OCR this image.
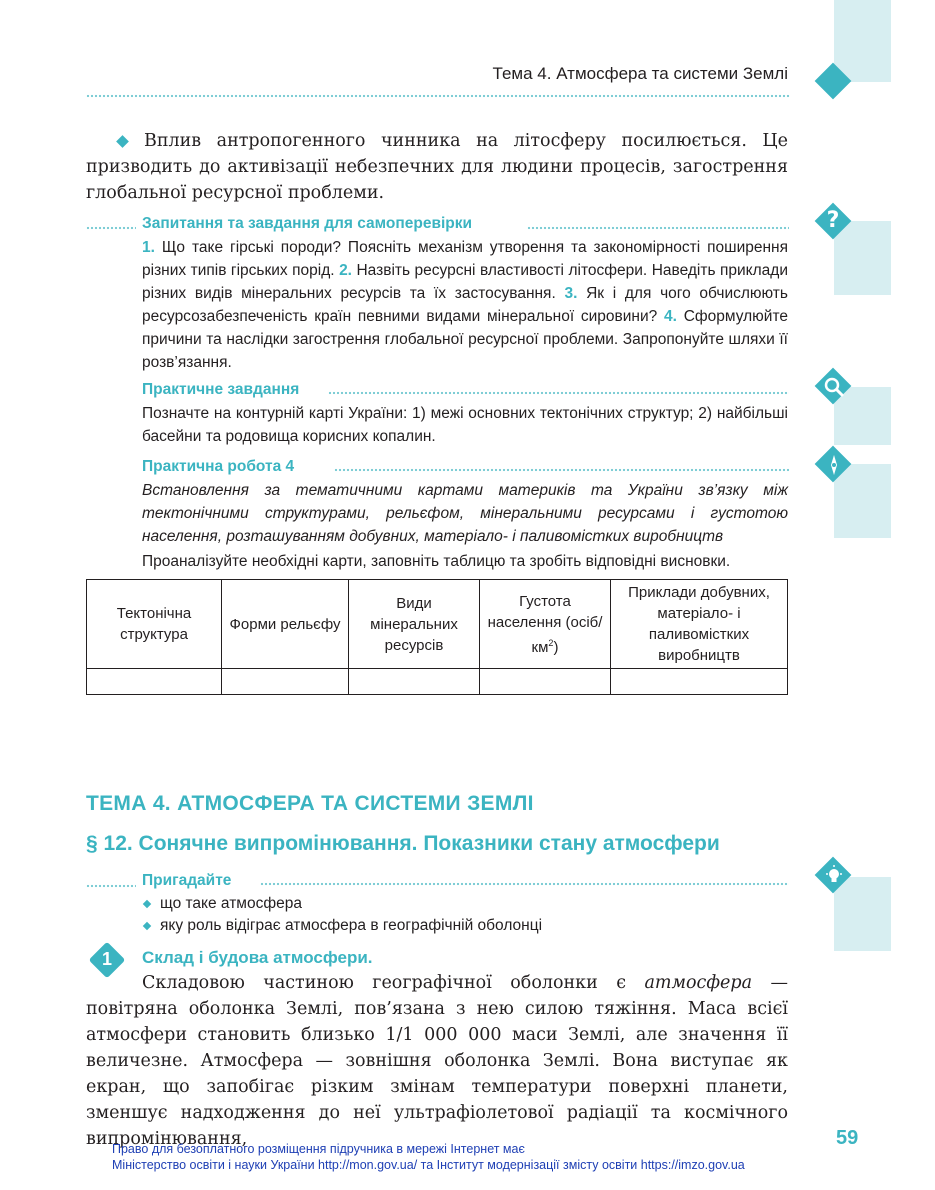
Тема 4. Атмосфера та системи Землі
Вплив антропогенного чинника на літосферу посилюється. Це призводить до активізації небезпечних для людини процесів, загострення глобальної ресурсної проблеми.
Запитання та завдання для самоперевірки	?
1. Що таке гірські породи? Поясніть механізм утворення та закономірності поширення різних типів гірських порід. 2. Назвіть ресурсні властивості літосфери. Наведіть приклади різних видів мінеральних ресурсів та їх застосування. 3. Як і для чого обчислюють ресурсозабезпеченість країн певними видами мінеральної сировини? 4. Сформулюйте причини та наслідки загострення глобальної ресурсної проблеми. Запропонуйте шляхи її розв’язання.
Практичне завдання
Позначте на контурній карті України: 1) межі основних тектонічних структур; 2) найбільші басейни та родовища корисних копалин.
Практична робота 4
Встановлення за тематичними картами материків та України зв’язку між тектонічними структурами, рельєфом, мінеральними ресурсами і густотою населення, розташуванням добувних, матеріало- і паливомістких виробництв
Проаналізуйте необхідні карти, заповніть таблицю та зробіть відповідні висновки.
Тектонічна структура	Форми рельєфу	Види мінеральних ресурсів	Густота населення $(осіб/км^2)$	Приклади добувних, матеріало- і паливомістких виробництв

ТЕМА 4. АТМОСФЕРА ТА СИСТЕМИ ЗЕМЛІ
§ 12. Сонячне випромінювання. Показники стану атмосфери
Пригадайте
що таке атмосфера
яку роль відіграє атмосфера в географічній оболонці
1	Склад і будова атмосфери.
Складовою частиною географічної оболонки є атмосфера — повітряна оболонка Землі, пов’язана з нею силою тяжіння. Маса всієї атмосфери становить близько 1/1 000 000 маси Землі, але значення її величезне. Атмосфера — зовнішня оболонка Землі. Вона виступає як екран, що запобігає різким змінам температури поверхні планети, зменшує надходження до неї ультрафіолетової радіації та космічного випромінювання,	59
Право для безоплатного розміщення підручника в мережі Інтернет має
Міністерство освіти і науки України http://mon.gov.ua/ та Інститут модернізації змісту освіти https://imzo.gov.ua
